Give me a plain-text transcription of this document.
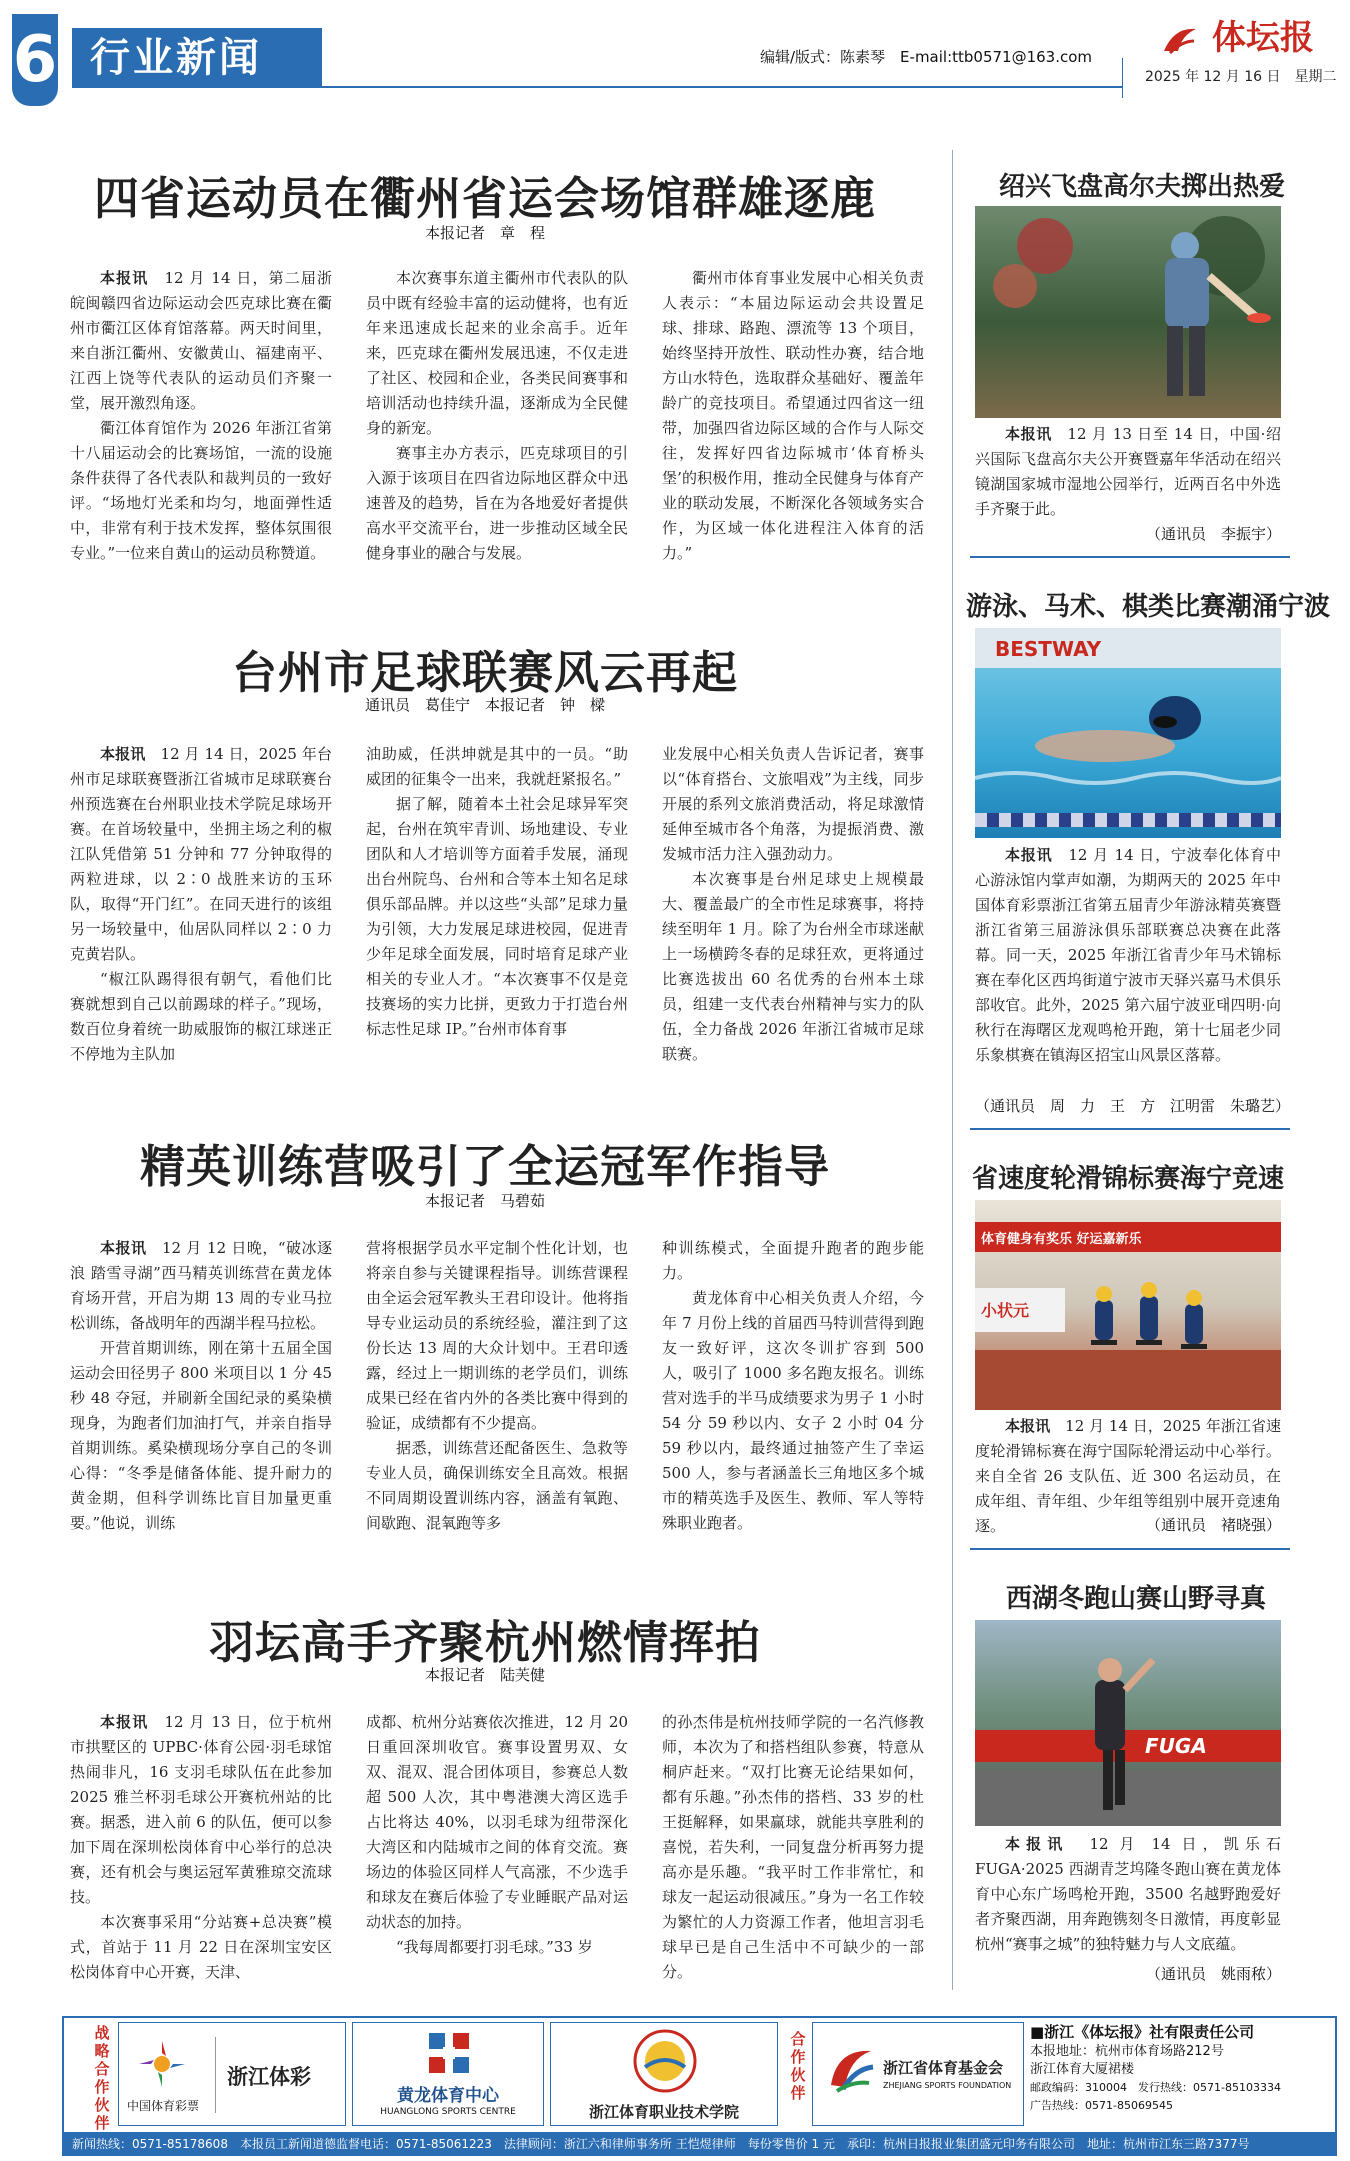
6 行业新闻	编辑/版式：陈素琴　E-mail:ttb0571@163.com	体坛报
2025 年 12 月 16 日　星期二
四省运动员在衢州省运会场馆群雄逐鹿
本报记者　章　程

本报讯　 12 月 14 日，第二届浙皖闽赣四省边际运动会匹克球比赛在衢州市衢江区体育馆落幕。两天时间里，来自浙江衢州、安徽黄山、福建南平、江西上饶等代表队的运动员们齐聚一堂，展开激烈角逐。

衢江体育馆作为 2026 年浙江省第十八届运动会的比赛场馆，一流的设施条件获得了各代表队和裁判员的一致好评。“场地灯光柔和均匀，地面弹性适中，非常有利于技术发挥，整体氛围很专业。”一位来自黄山的运动员称赞道。

本次赛事东道主衢州市代表队的队员中既有经验丰富的运动健将，也有近年来迅速成长起来的业余高手。近年来，匹克球在衢州发展迅速，不仅走进了社区、校园和企业，各类民间赛事和培训活动也持续升温，逐渐成为全民健身的新宠。

赛事主办方表示，匹克球项目的引入源于该项目在四省边际地区群众中迅速普及的趋势，旨在为各地爱好者提供高水平交流平台，进一步推动区域全民健身事业的融合与发展。

衢州市体育事业发展中心相关负责人表示：“本届边际运动会共设置足球、排球、路跑、漂流等 13 个项目，始终坚持开放性、联动性办赛，结合地方山水特色，选取群众基础好、覆盖年龄广的竞技项目。希望通过四省这一纽带，加强四省边际区域的合作与人际交往，发挥好四省边际城市‘体育桥头堡’的积极作用，推动全民健身与体育产业的联动发展，不断深化各领域务实合作，为区域一体化进程注入体育的活力。”

台州市足球联赛风云再起
通讯员　葛佳宁　本报记者　钟　樑

本报讯　 12 月 14 日，2025 年台州市足球联赛暨浙江省城市足球联赛台州预选赛在台州职业技术学院足球场开赛。在首场较量中，坐拥主场之利的椒江队凭借第 51 分钟和 77 分钟取得的两粒进球，以 2∶0 战胜来访的玉环队，取得“开门红”。在同天进行的该组另一场较量中，仙居队同样以 2∶0 力克黄岩队。

“椒江队踢得很有朝气，看他们比赛就想到自己以前踢球的样子。”现场，数百位身着统一助威服饰的椒江球迷正不停地为主队加

油助威，任洪坤就是其中的一员。“助威团的征集令一出来，我就赶紧报名。”

据了解，随着本土社会足球异军突起，台州在筑牢青训、场地建设、专业团队和人才培训等方面着手发展，涌现出台州院鸟、台州和合等本土知名足球俱乐部品牌。并以这些“头部”足球力量为引领，大力发展足球进校园，促进青少年足球全面发展，同时培育足球产业相关的专业人才。“本次赛事不仅是竞技赛场的实力比拼，更致力于打造台州标志性足球 IP。”台州市体育事

业发展中心相关负责人告诉记者，赛事以“体育搭台、文旅唱戏”为主线，同步开展的系列文旅消费活动，将足球激情延伸至城市各个角落，为提振消费、激发城市活力注入强劲动力。

本次赛事是台州足球史上规模最大、覆盖最广的全市性足球赛事，将持续至明年 1 月。除了为台州全市球迷献上一场横跨冬春的足球狂欢，更将通过比赛选拔出 60 名优秀的台州本土球员，组建一支代表台州精神与实力的队伍，全力备战 2026 年浙江省城市足球联赛。

精英训练营吸引了全运冠军作指导
本报记者　马碧茹

本报讯　 12 月 12 日晚，“破冰逐浪 踏雪寻湖”西马精英训练营在黄龙体育场开营，开启为期 13 周的专业马拉松训练，备战明年的西湖半程马拉松。

开营首期训练，刚在第十五届全国运动会田径男子 800 米项目以 1 分 45 秒 48 夺冠，并刷新全国纪录的奚染横现身，为跑者们加油打气，并亲自指导首期训练。奚染横现场分享自己的冬训心得：“冬季是储备体能、提升耐力的黄金期，但科学训练比盲目加量更重要。”他说，训练

营将根据学员水平定制个性化计划，也将亲自参与关键课程指导。训练营课程由全运会冠军教头王君印设计。他将指导专业运动员的系统经验，灌注到了这份长达 13 周的大众计划中。王君印透露，经过上一期训练的老学员们，训练成果已经在省内外的各类比赛中得到的验证，成绩都有不少提高。

据悉，训练营还配备医生、急救等专业人员，确保训练安全且高效。根据不同周期设置训练内容，涵盖有氧跑、间歇跑、混氧跑等多

种训练模式，全面提升跑者的跑步能力。

黄龙体育中心相关负责人介绍，今年 7 月份上线的首届西马特训营得到跑友一致好评，这次冬训扩容到 500 人，吸引了 1000 多名跑友报名。训练营对选手的半马成绩要求为男子 1 小时 54 分 59 秒以内、女子 2 小时 04 分 59 秒以内，最终通过抽签产生了幸运 500 人，参与者涵盖长三角地区多个城市的精英选手及医生、教师、军人等特殊职业跑者。

羽坛高手齐聚杭州燃情挥拍
本报记者　陆芙健

本报讯　 12 月 13 日，位于杭州市拱墅区的 UPBC·体育公园·羽毛球馆热闹非凡，16 支羽毛球队伍在此参加 2025 雅兰杯羽毛球公开赛杭州站的比赛。据悉，进入前 6 的队伍，便可以参加下周在深圳松岗体育中心举行的总决赛，还有机会与奥运冠军黄雅琼交流球技。

本次赛事采用“分站赛+总决赛”模式，首站于 11 月 22 日在深圳宝安区松岗体育中心开赛，天津、

成都、杭州分站赛依次推进，12 月 20 日重回深圳收官。赛事设置男双、女双、混双、混合团体项目，参赛总人数超 500 人次，其中粤港澳大湾区选手占比将达 40%，以羽毛球为纽带深化大湾区和内陆城市之间的体育交流。赛场边的体验区同样人气高涨，不少选手和球友在赛后体验了专业睡眠产品对运动状态的加持。

“我每周都要打羽毛球。”33 岁

的孙杰伟是杭州技师学院的一名汽修教师，本次为了和搭档组队参赛，特意从桐庐赶来。“双打比赛无论结果如何，都有乐趣。”孙杰伟的搭档、33 岁的杜王挺解释，如果赢球，就能共享胜利的喜悦，若失利，一同复盘分析再努力提高亦是乐趣。“我平时工作非常忙，和球友一起运动很减压。”身为一名工作较为繁忙的人力资源工作者，他坦言羽毛球早已是自己生活中不可缺少的一部分。

绍兴飞盘高尔夫掷出热爱

本报讯　 12 月 13 日至 14 日，中国·绍兴国际飞盘高尔夫公开赛暨嘉年华活动在绍兴镜湖国家城市湿地公园举行，近两百名中外选手齐聚于此。

（通讯员　李振宇）
游泳、马术、棋类比赛潮涌宁波
BESTWAY

本报讯　 12 月 14 日，宁波奉化体育中心游泳馆内掌声如潮，为期两天的 2025 年中国体育彩票浙江省第五届青少年游泳精英赛暨浙江省第三届游泳俱乐部联赛总决赛在此落幕。同一天，2025 年浙江省青少年马术锦标赛在奉化区西坞街道宁波市天驿兴嘉马术俱乐部收官。此外，2025 第六届宁波亚태四明·向秋行在海曙区龙观鸣枪开跑，第十七届老少同乐象棋赛在镇海区招宝山风景区落幕。

（通讯员　周　力　王　方　江明雷　朱璐艺）
省速度轮滑锦标赛海宁竞速
体育健身有奖乐 好运嘉新乐
小状元

本报讯　 12 月 14 日，2025 年浙江省速度轮滑锦标赛在海宁国际轮滑运动中心举行。来自全省 26 支队伍、近 300 名运动员，在成年组、青年组、少年组等组别中展开竞速角逐。	（通讯员　褚晓强）
西湖冬跑山赛山野寻真
FUGA

本报讯　 12 月 14 日，凯乐石 FUGA·2025 西湖青芝坞隆冬跑山赛在黄龙体育中心东广场鸣枪开跑，3500 名越野跑爱好者齐聚西湖，用奔跑镌刻冬日激情，再度彰显杭州“赛事之城”的独特魅力与人文底蕴。

（通讯员　姚雨秾）
战略合作伙伴
中国体育彩票
浙江体彩
黄龙体育中心
HUANGLONG SPORTS CENTRE	浙江体育职业技术学院
合作伙伴
浙江省体育基金会
ZHEJIANG SPORTS FOUNDATION
■浙江《体坛报》社有限责任公司
本报地址：杭州市体育场路212号
浙江体育大厦裙楼
邮政编码：310004　发行热线：0571-85103334
广告热线：0571-85069545
新闻热线：0571-85178608　本报员工新闻道德监督电话：0571-85061223　法律顾问：浙江六和律师事务所 王恺煜律师　每份零售价 1 元　承印：杭州日报报业集团盛元印务有限公司　地址：杭州市江东三路7377号
